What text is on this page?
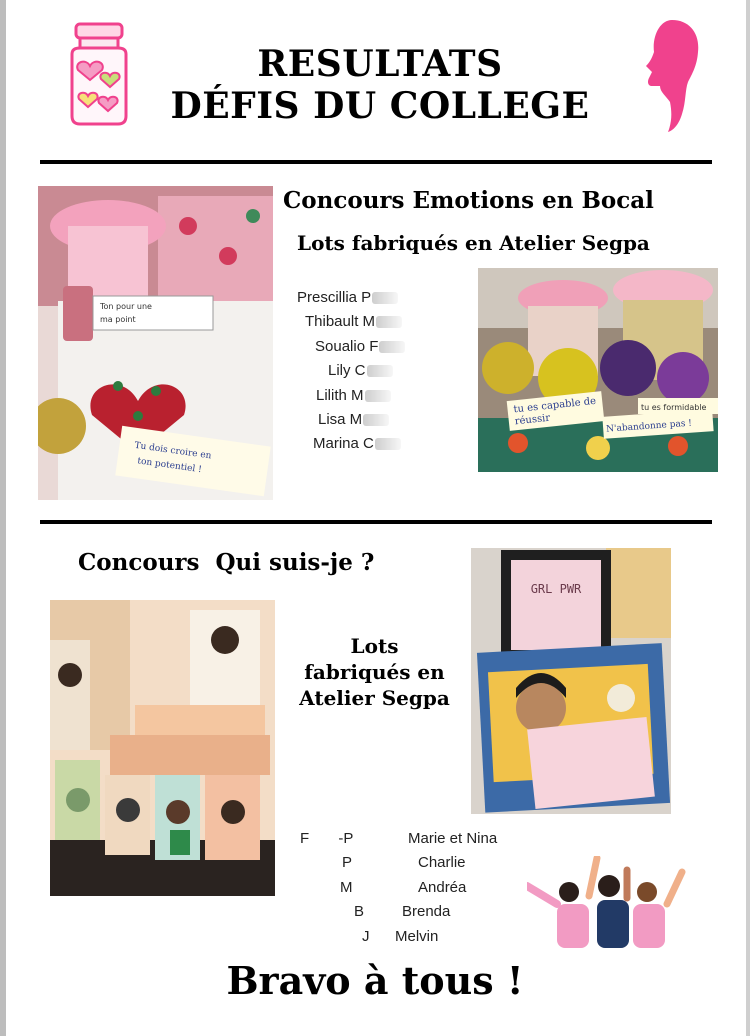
RESULTATS
DÉFIS DU COLLEGE
Ton pour une
ma point
Tu dois croire en
ton potentiel !
Concours Emotions en Bocal
Lots fabriqués en Atelier Segpa
Prescillia P
Thibault M
Soualio F
Lily C
Lilith M
Lisa M
Marina C
tu es capable de
réussir	N'abandonne pas !
tu es formidable
Concours  Qui suis-je ?
Lots
fabriqués en
Atelier Segpa
GRL PWR
F       -P	Marie et Nina
P	Charlie
M	Andréa
B	Brenda
J Melvin
Bravo à tous !
